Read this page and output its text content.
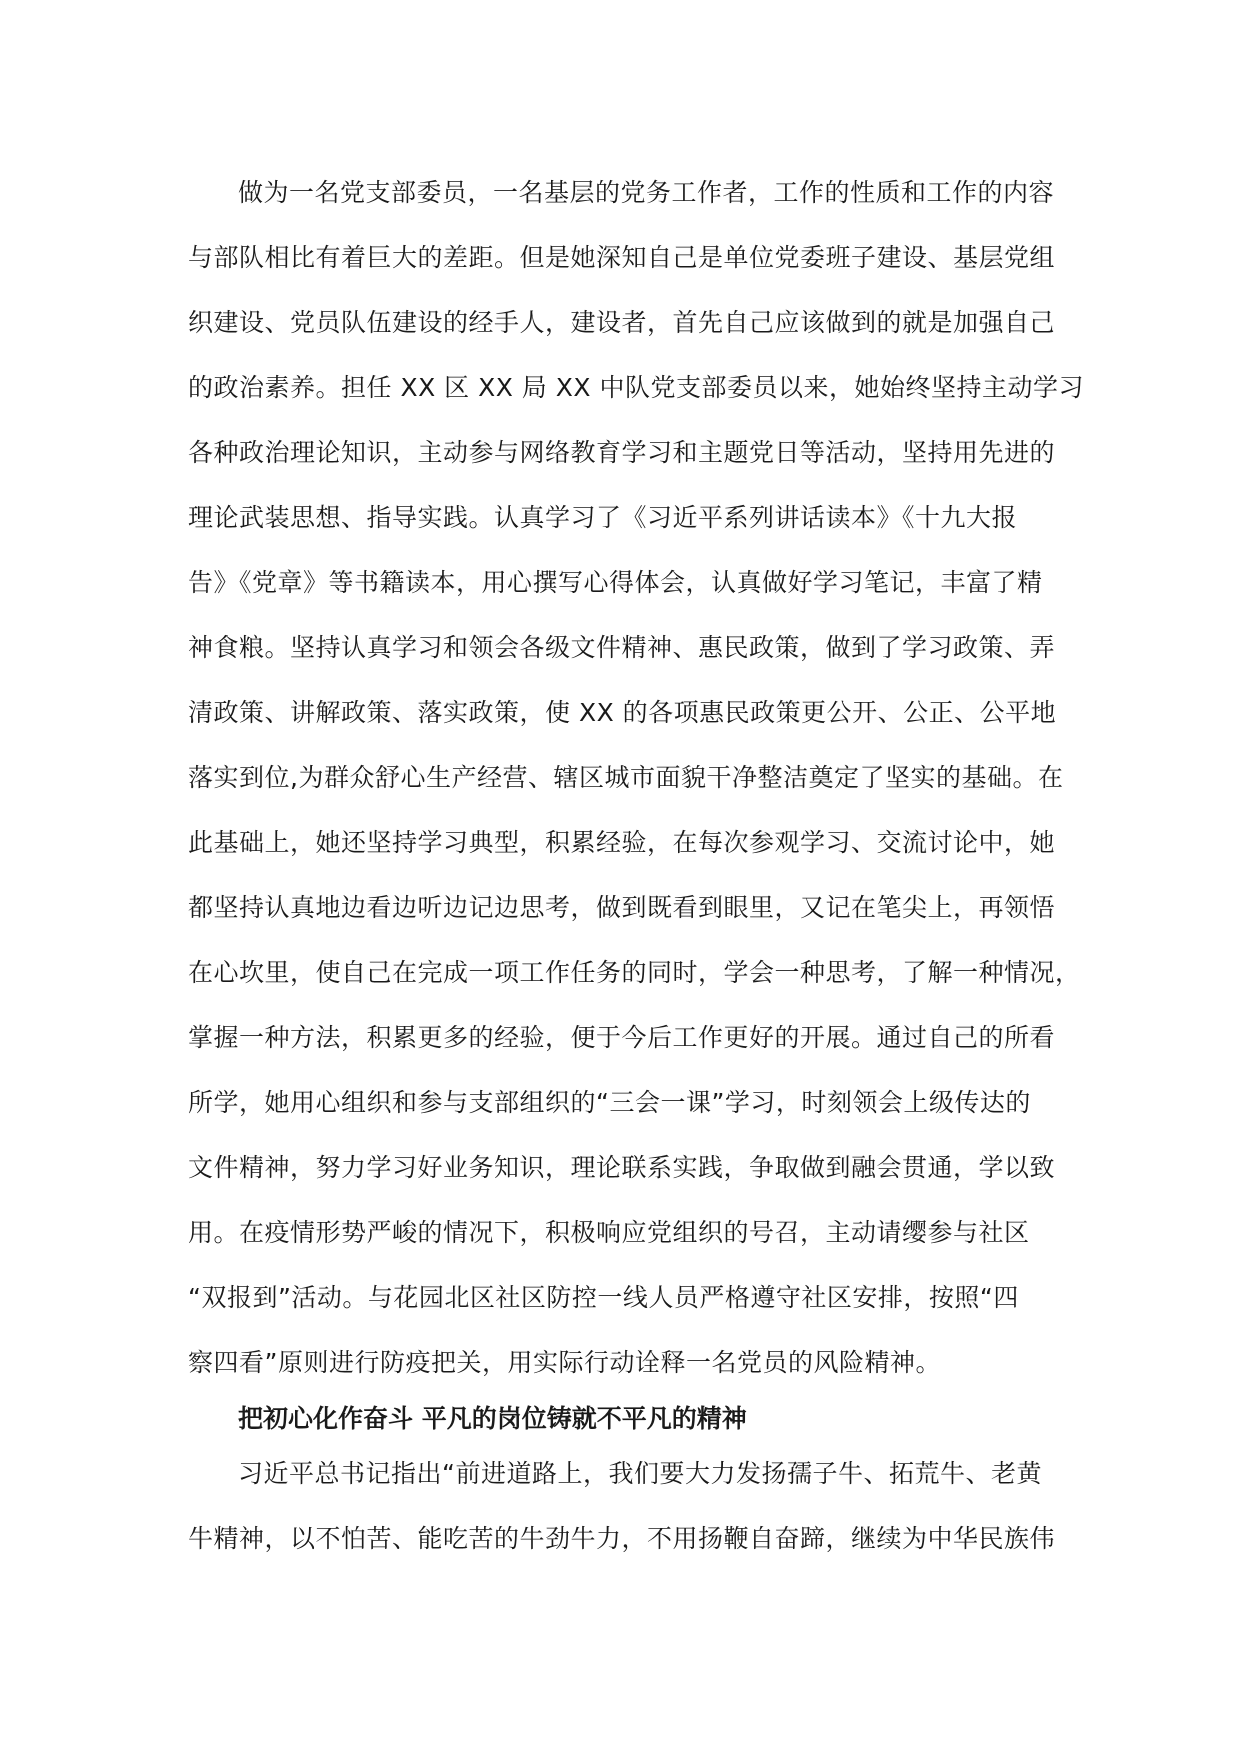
做为一名党支部委员，一名基层的党务工作者，工作的性质和工作的内容
与部队相比有着巨大的差距。但是她深知自己是单位党委班子建设、基层党组
织建设、党员队伍建设的经手人，建设者，首先自己应该做到的就是加强自己
的政治素养。担任 XX 区 XX 局 XX 中队党支部委员以来，她始终坚持主动学习
各种政治理论知识，主动参与网络教育学习和主题党日等活动，坚持用先进的
理论武装思想、指导实践。认真学习了《习近平系列讲话读本》《十九大报
告》《党章》等书籍读本，用心撰写心得体会，认真做好学习笔记，丰富了精
神食粮。坚持认真学习和领会各级文件精神、惠民政策，做到了学习政策、弄
清政策、讲解政策、落实政策，使 XX 的各项惠民政策更公开、公正、公平地
落实到位,为群众舒心生产经营、辖区城市面貌干净整洁奠定了坚实的基础。在
此基础上，她还坚持学习典型，积累经验，在每次参观学习、交流讨论中，她
都坚持认真地边看边听边记边思考，做到既看到眼里，又记在笔尖上，再领悟
在心坎里，使自己在完成一项工作任务的同时，学会一种思考，了解一种情况，
掌握一种方法，积累更多的经验，便于今后工作更好的开展。通过自己的所看
所学，她用心组织和参与支部组织的“三会一课”学习，时刻领会上级传达的
文件精神，努力学习好业务知识，理论联系实践，争取做到融会贯通，学以致
用。在疫情形势严峻的情况下，积极响应党组织的号召，主动请缨参与社区
“双报到”活动。与花园北区社区防控一线人员严格遵守社区安排，按照“四
察四看”原则进行防疫把关，用实际行动诠释一名党员的风险精神。
把初心化作奋斗 平凡的岗位铸就不平凡的精神
习近平总书记指出“前进道路上，我们要大力发扬孺子牛、拓荒牛、老黄
牛精神，以不怕苦、能吃苦的牛劲牛力，不用扬鞭自奋蹄，继续为中华民族伟
